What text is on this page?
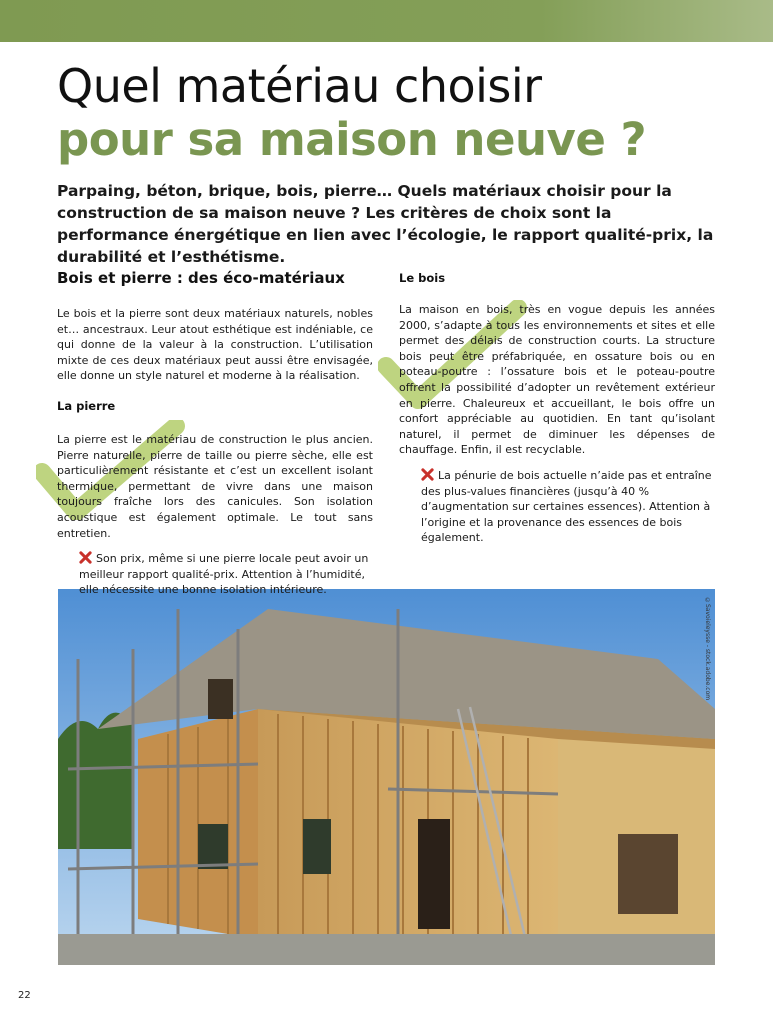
Quel matériau choisir
pour sa maison neuve ?

Parpaing, béton, brique, bois, pierre… Quels matériaux choisir pour la construction de sa maison neuve ? Les critères de choix sont la performance énergétique en lien avec l’écologie, le rapport qualité-prix, la durabilité et l’esthétisme.

Bois et pierre : des éco-matériaux

Le bois et la pierre sont deux matériaux naturels, nobles et… ancestraux. Leur atout esthétique est indéniable, ce qui donne de la valeur à la construction. L’utilisation mixte de ces deux matériaux peut aussi être envisagée, elle donne un style naturel et moderne à la réalisation.

La pierre

La pierre est le matériau de construction le plus ancien. Pierre naturelle, pierre de taille ou pierre sèche, elle est particulièrement résistante et c’est un excellent isolant thermique, permettant de vivre dans une maison toujours fraîche lors des canicules. Son isolation acoustique est également optimale. Le tout sans entretien.

Son prix, même si une pierre locale peut avoir un meilleur rapport qualité-prix. Attention à l’humidité, elle nécessite une bonne isolation intérieure.

Le bois

La maison en bois, très en vogue depuis les années 2000, s’adapte à tous les environnements et sites et elle permet des délais de construction courts. La structure bois peut être préfabriquée, en ossature bois ou en poteau-poutre : l’ossature bois et le poteau-poutre offrent la possibilité d’adopter un revêtement extérieur en pierre. Chaleureux et accueillant, le bois offre un confort appréciable au quotidien. En tant qu’isolant naturel, il permet de diminuer les dépenses de chauffage. Enfin, il est recyclable.

La pénurie de bois actuelle n’aide pas et entraîne des plus-values financières (jusqu’à 40 % d’augmentation sur certaines essences). Attention à l’origine et la provenance des essences de bois également.

©Savoieleysse - stock.adobe.com
22
